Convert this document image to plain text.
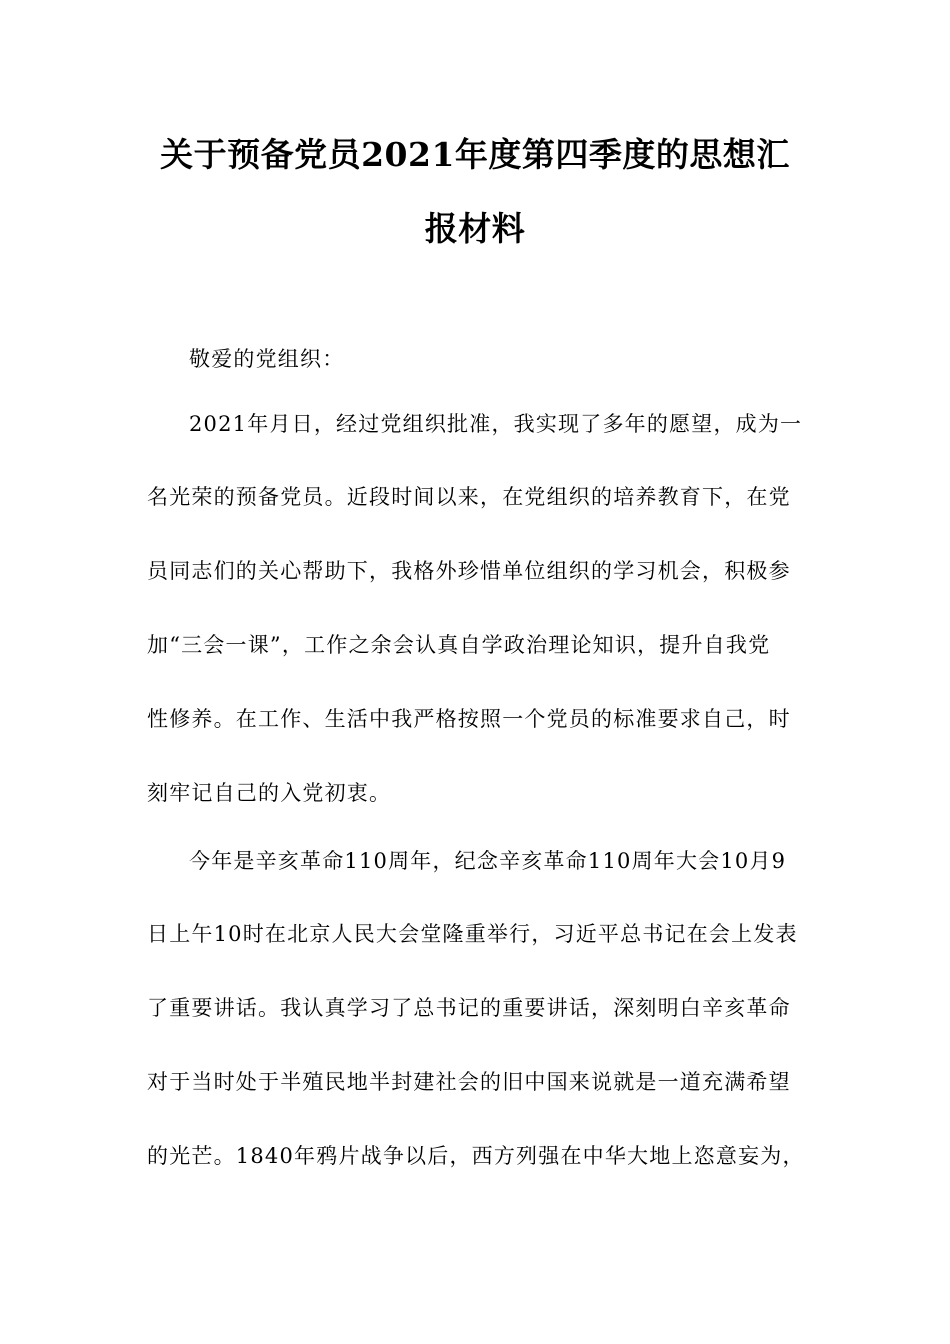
关于预备党员2021年度第四季度的思想汇
报材料
敬爱的党组织：
2021年月日，经过党组织批准，我实现了多年的愿望，成为一
名光荣的预备党员。近段时间以来，在党组织的培养教育下，在党
员同志们的关心帮助下，我格外珍惜单位组织的学习机会，积极参
加“三会一课”，工作之余会认真自学政治理论知识，提升自我党
性修养。在工作、生活中我严格按照一个党员的标准要求自己，时
刻牢记自己的入党初衷。
今年是辛亥革命110周年，纪念辛亥革命110周年大会10月9
日上午10时在北京人民大会堂隆重举行，习近平总书记在会上发表
了重要讲话。我认真学习了总书记的重要讲话，深刻明白辛亥革命
对于当时处于半殖民地半封建社会的旧中国来说就是一道充满希望
的光芒。1840年鸦片战争以后，西方列强在中华大地上恣意妄为，
